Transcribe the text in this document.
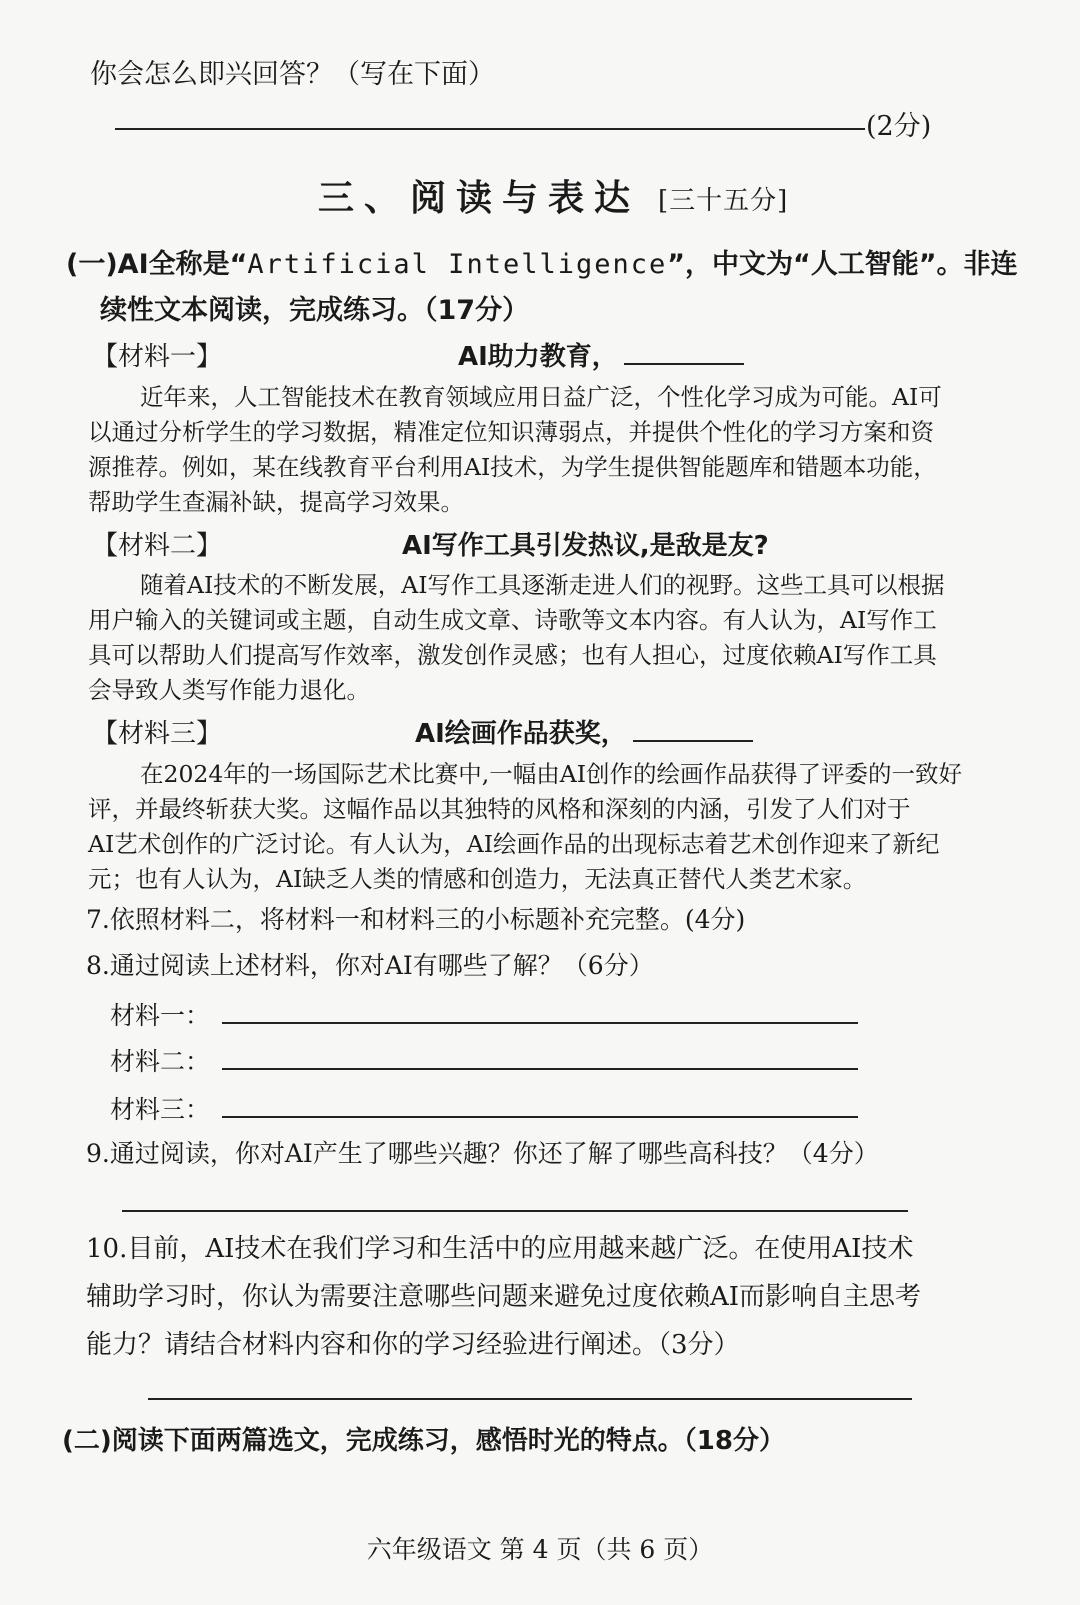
你会怎么即兴回答？（写在下面）
(2分)
三、阅读与表达 [三十五分]
(一)AI全称是“Artificial Intelligence”，中文为“人工智能”。非连
续性文本阅读，完成练习。（17分）
【材料一】	AI助力教育，
近年来，人工智能技术在教育领域应用日益广泛，个性化学习成为可能。AI可
以通过分析学生的学习数据，精准定位知识薄弱点，并提供个性化的学习方案和资
源推荐。例如，某在线教育平台利用AI技术，为学生提供智能题库和错题本功能，
帮助学生查漏补缺，提高学习效果。
【材料二】	AI写作工具引发热议,是敌是友?
随着AI技术的不断发展，AI写作工具逐渐走进人们的视野。这些工具可以根据
用户输入的关键词或主题，自动生成文章、诗歌等文本内容。有人认为，AI写作工
具可以帮助人们提高写作效率，激发创作灵感；也有人担心，过度依赖AI写作工具
会导致人类写作能力退化。
【材料三】	AI绘画作品获奖，
在2024年的一场国际艺术比赛中,一幅由AI创作的绘画作品获得了评委的一致好
评，并最终斩获大奖。这幅作品以其独特的风格和深刻的内涵，引发了人们对于
AI艺术创作的广泛讨论。有人认为，AI绘画作品的出现标志着艺术创作迎来了新纪
元；也有人认为，AI缺乏人类的情感和创造力，无法真正替代人类艺术家。
7.依照材料二，将材料一和材料三的小标题补充完整。(4分)
8.通过阅读上述材料，你对AI有哪些了解？（6分）
材料一：
材料二：
材料三：
9.通过阅读，你对AI产生了哪些兴趣？你还了解了哪些高科技？（4分）
10.目前，AI技术在我们学习和生活中的应用越来越广泛。在使用AI技术
辅助学习时，你认为需要注意哪些问题来避免过度依赖AI而影响自主思考
能力？请结合材料内容和你的学习经验进行阐述。（3分）
(二)阅读下面两篇选文，完成练习，感悟时光的特点。（18分）
六年级语文 第 4 页（共 6 页）
